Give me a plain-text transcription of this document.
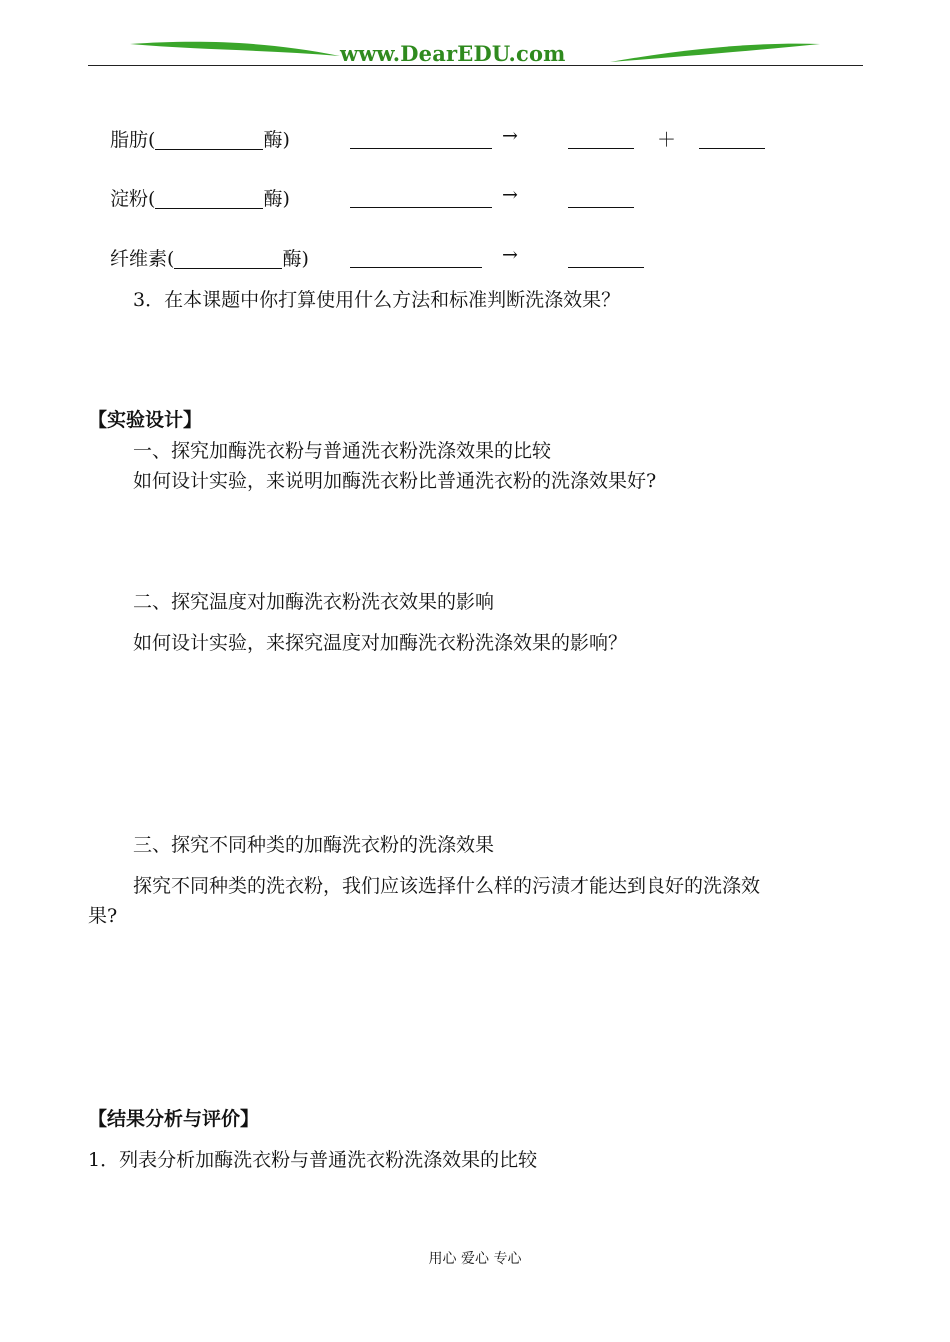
www.DearEDU.com
脂肪(	酶)	→	＋
淀粉(	酶)	→
纤维素(	酶)	→
3．在本课题中你打算使用什么方法和标准判断洗涤效果？
【实验设计】
一、探究加酶洗衣粉与普通洗衣粉洗涤效果的比较
如何设计实验，来说明加酶洗衣粉比普通洗衣粉的洗涤效果好?
二、探究温度对加酶洗衣粉洗衣效果的影响
如何设计实验，来探究温度对加酶洗衣粉洗涤效果的影响？
三、探究不同种类的加酶洗衣粉的洗涤效果
探究不同种类的洗衣粉，我们应该选择什么样的污渍才能达到良好的洗涤效
果?
【结果分析与评价】
1．列表分析加酶洗衣粉与普通洗衣粉洗涤效果的比较
用心 爱心 专心
